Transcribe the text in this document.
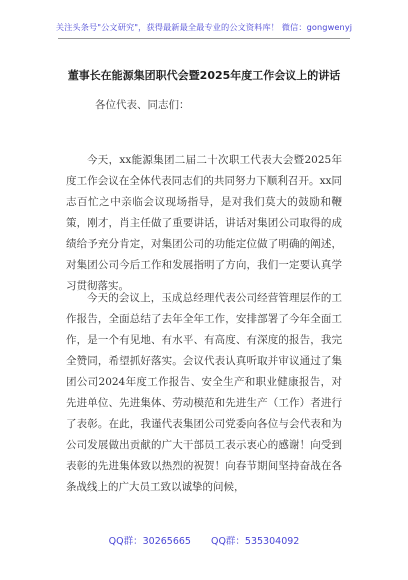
关注头条号"公文研究"，获得最新最全最专业的公文资料库！ 微信：gongwenyj
董事长在能源集团职代会暨2025年度工作会议上的讲话
各位代表、同志们：
今天，xx能源集团二届二十次职工代表大会暨2025年度工作会议在全体代表同志们的共同努力下顺利召开。xx同志百忙之中亲临会议现场指导，是对我们莫大的鼓励和鞭策，刚才，肖主任做了重要讲话，讲话对集团公司取得的成绩给予充分肯定，对集团公司的功能定位做了明确的阐述，对集团公司今后工作和发展指明了方向，我们一定要认真学习贯彻落实。
今天的会议上，玉成总经理代表公司经营管理层作的工作报告，全面总结了去年全年工作，安排部署了今年全面工作，是一个有见地、有水平、有高度、有深度的报告，我完全赞同，希望抓好落实。会议代表认真听取并审议通过了集团公司2024年度工作报告、安全生产和职业健康报告，对先进单位、先进集体、劳动模范和先进生产（工作）者进行了表彰。在此，我谨代表集团公司党委向各位与会代表和为公司发展做出贡献的广大干部员工表示衷心的感谢！向受到表彰的先进集体致以热烈的祝贺！向春节期间坚持奋战在各条战线上的广大员工致以诚挚的问候，
QQ群：30265665 QQ群：535304092
